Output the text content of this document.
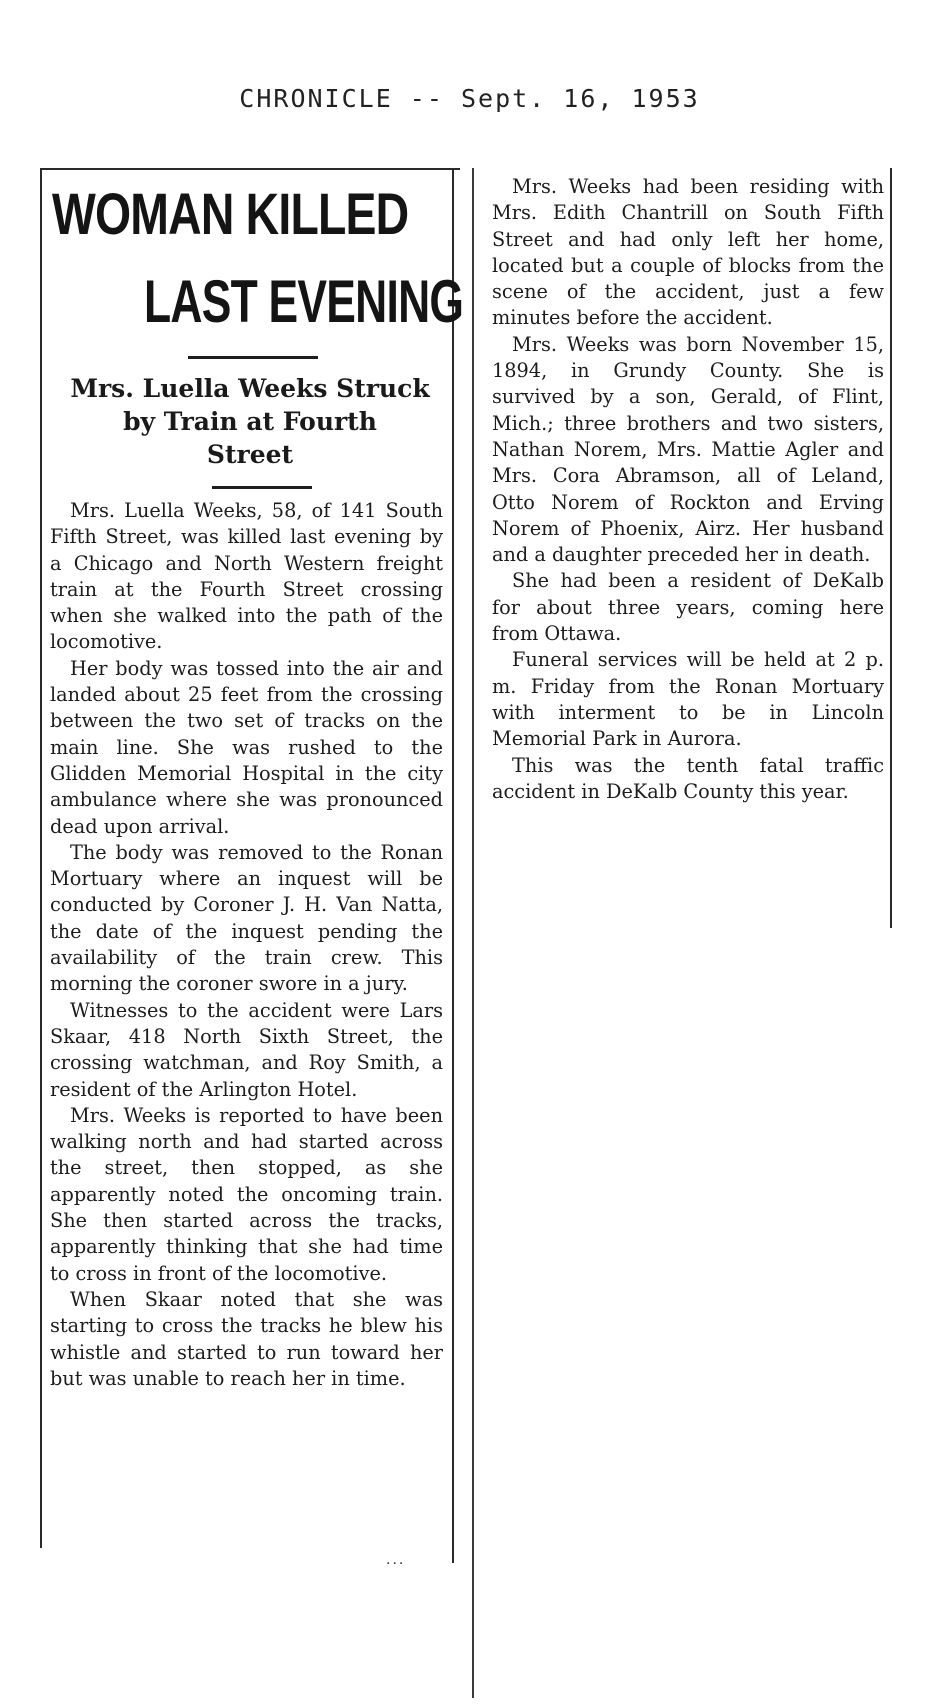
CHRONICLE -- Sept. 16, 1953
WOMAN KILLED
LAST EVENING
Mrs. Luella Weeks Struck
by Train at Fourth
Street

Mrs. Luella Weeks, 58, of 141 South Fifth Street, was killed last evening by a Chicago and North Western freight train at the Fourth Street crossing when she walked into the path of the locomotive.

Her body was tossed into the air and landed about 25 feet from the crossing between the two set of tracks on the main line. She was rushed to the Glidden Memorial Hospital in the city ambulance where she was pronounced dead upon arrival.

The body was removed to the Ronan Mortuary where an inquest will be conducted by Coroner J. H. Van Natta, the date of the inquest pending the availability of the train crew. This morning the coroner swore in a jury.

Witnesses to the accident were Lars Skaar, 418 North Sixth Street, the crossing watchman, and Roy Smith, a resident of the Arlington Hotel.

Mrs. Weeks is reported to have been walking north and had started across the street, then stopped, as she apparently noted the oncoming train. She then started across the tracks, apparently thinking that she had time to cross in front of the locomotive.

When Skaar noted that she was starting to cross the tracks he blew his whistle and started to run toward her but was unable to reach her in time.

...

Mrs. Weeks had been residing with Mrs. Edith Chantrill on South Fifth Street and had only left her home, located but a couple of blocks from the scene of the accident, just a few minutes before the accident.

Mrs. Weeks was born November 15, 1894, in Grundy County. She is survived by a son, Gerald, of Flint, Mich.; three brothers and two sisters, Nathan Norem, Mrs. Mattie Agler and Mrs. Cora Abramson, all of Leland, Otto Norem of Rockton and Erving Norem of Phoenix, Airz. Her husband and a daughter preceded her in death.

She had been a resident of DeKalb for about three years, coming here from Ottawa.

Funeral services will be held at 2 p. m. Friday from the Ronan Mortuary with interment to be in Lincoln Memorial Park in Aurora.

This was the tenth fatal traffic accident in DeKalb County this year.
